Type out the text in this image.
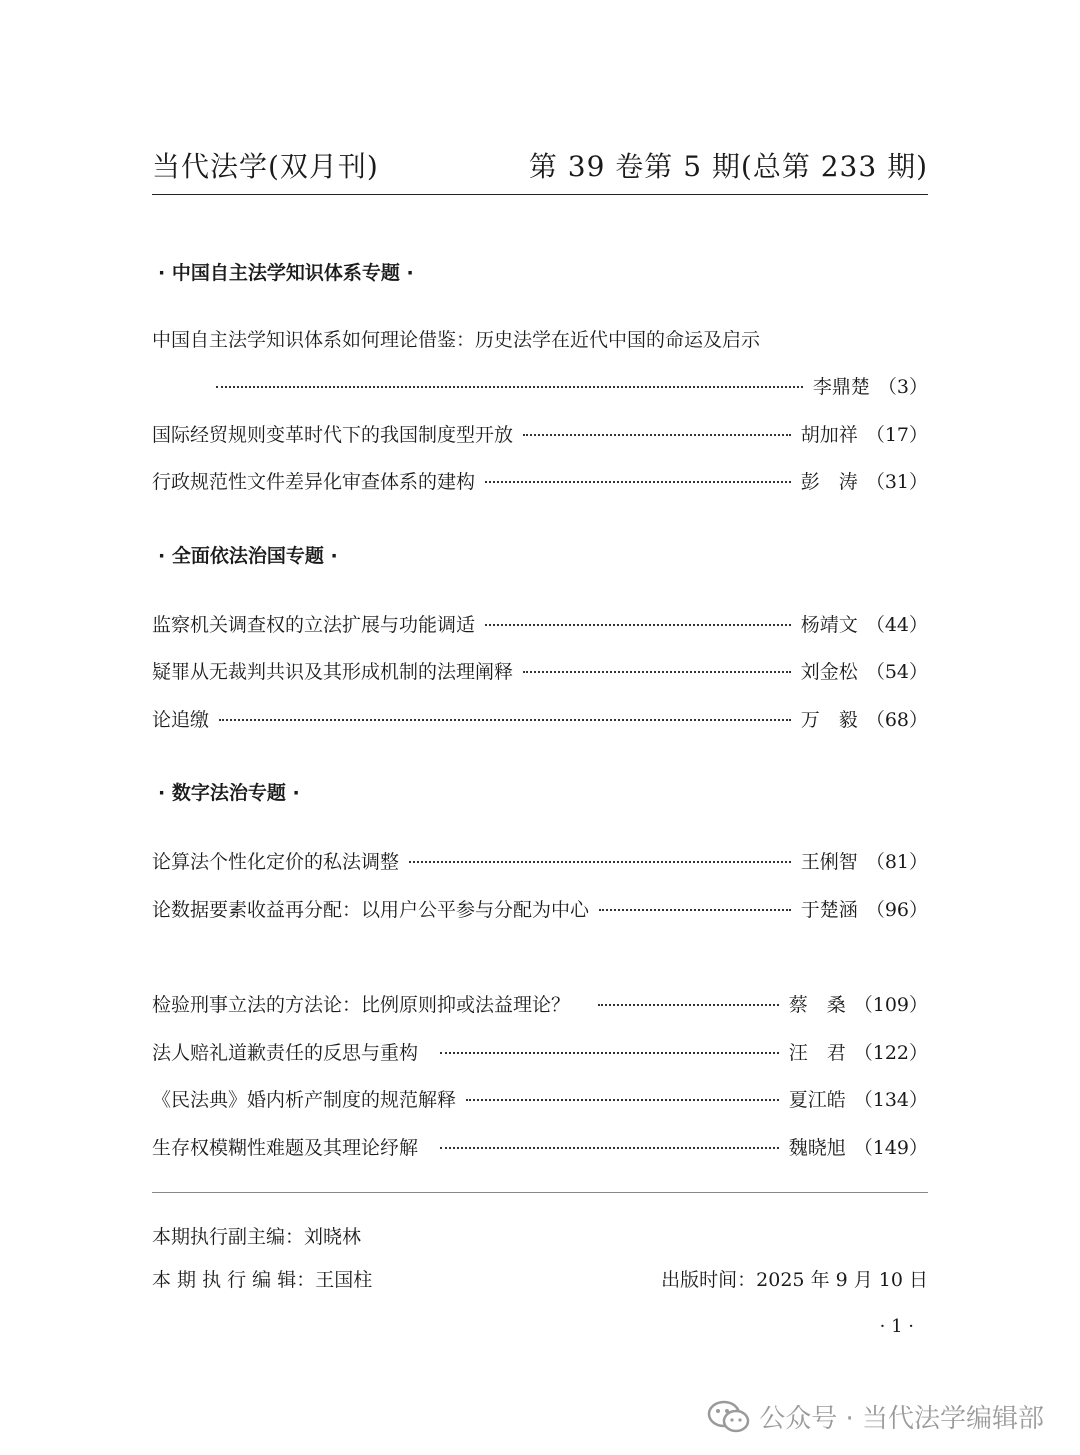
当代法学(双月刊)	第 39 卷第 5 期(总第 233 期)
· 中国自主法学知识体系专题 ·
中国自主法学知识体系如何理论借鉴：历史法学在近代中国的命运及启示
李鼎楚 （3）
国际经贸规则变革时代下的我国制度型开放	胡加祥 （17）
行政规范性文件差异化审查体系的建构	彭　涛 （31）
· 全面依法治国专题 ·
监察机关调查权的立法扩展与功能调适	杨靖文 （44）
疑罪从无裁判共识及其形成机制的法理阐释	刘金松 （54）
论追缴	万　毅 （68）
· 数字法治专题 ·
论算法个性化定价的私法调整	王俐智 （81）
论数据要素收益再分配：以用户公平参与分配为中心	于楚涵 （96）
检验刑事立法的方法论：比例原则抑或法益理论？	蔡　桑 （109）
法人赔礼道歉责任的反思与重构	汪　君 （122）
《民法典》婚内析产制度的规范解释	夏江皓 （134）
生存权模糊性难题及其理论纾解	魏晓旭 （149）
本期执行副主编：刘晓林
本 期 执 行 编 辑：王国柱	出版时间：2025 年 9 月 10 日
· 1 ·
公众号 · 当代法学编辑部
